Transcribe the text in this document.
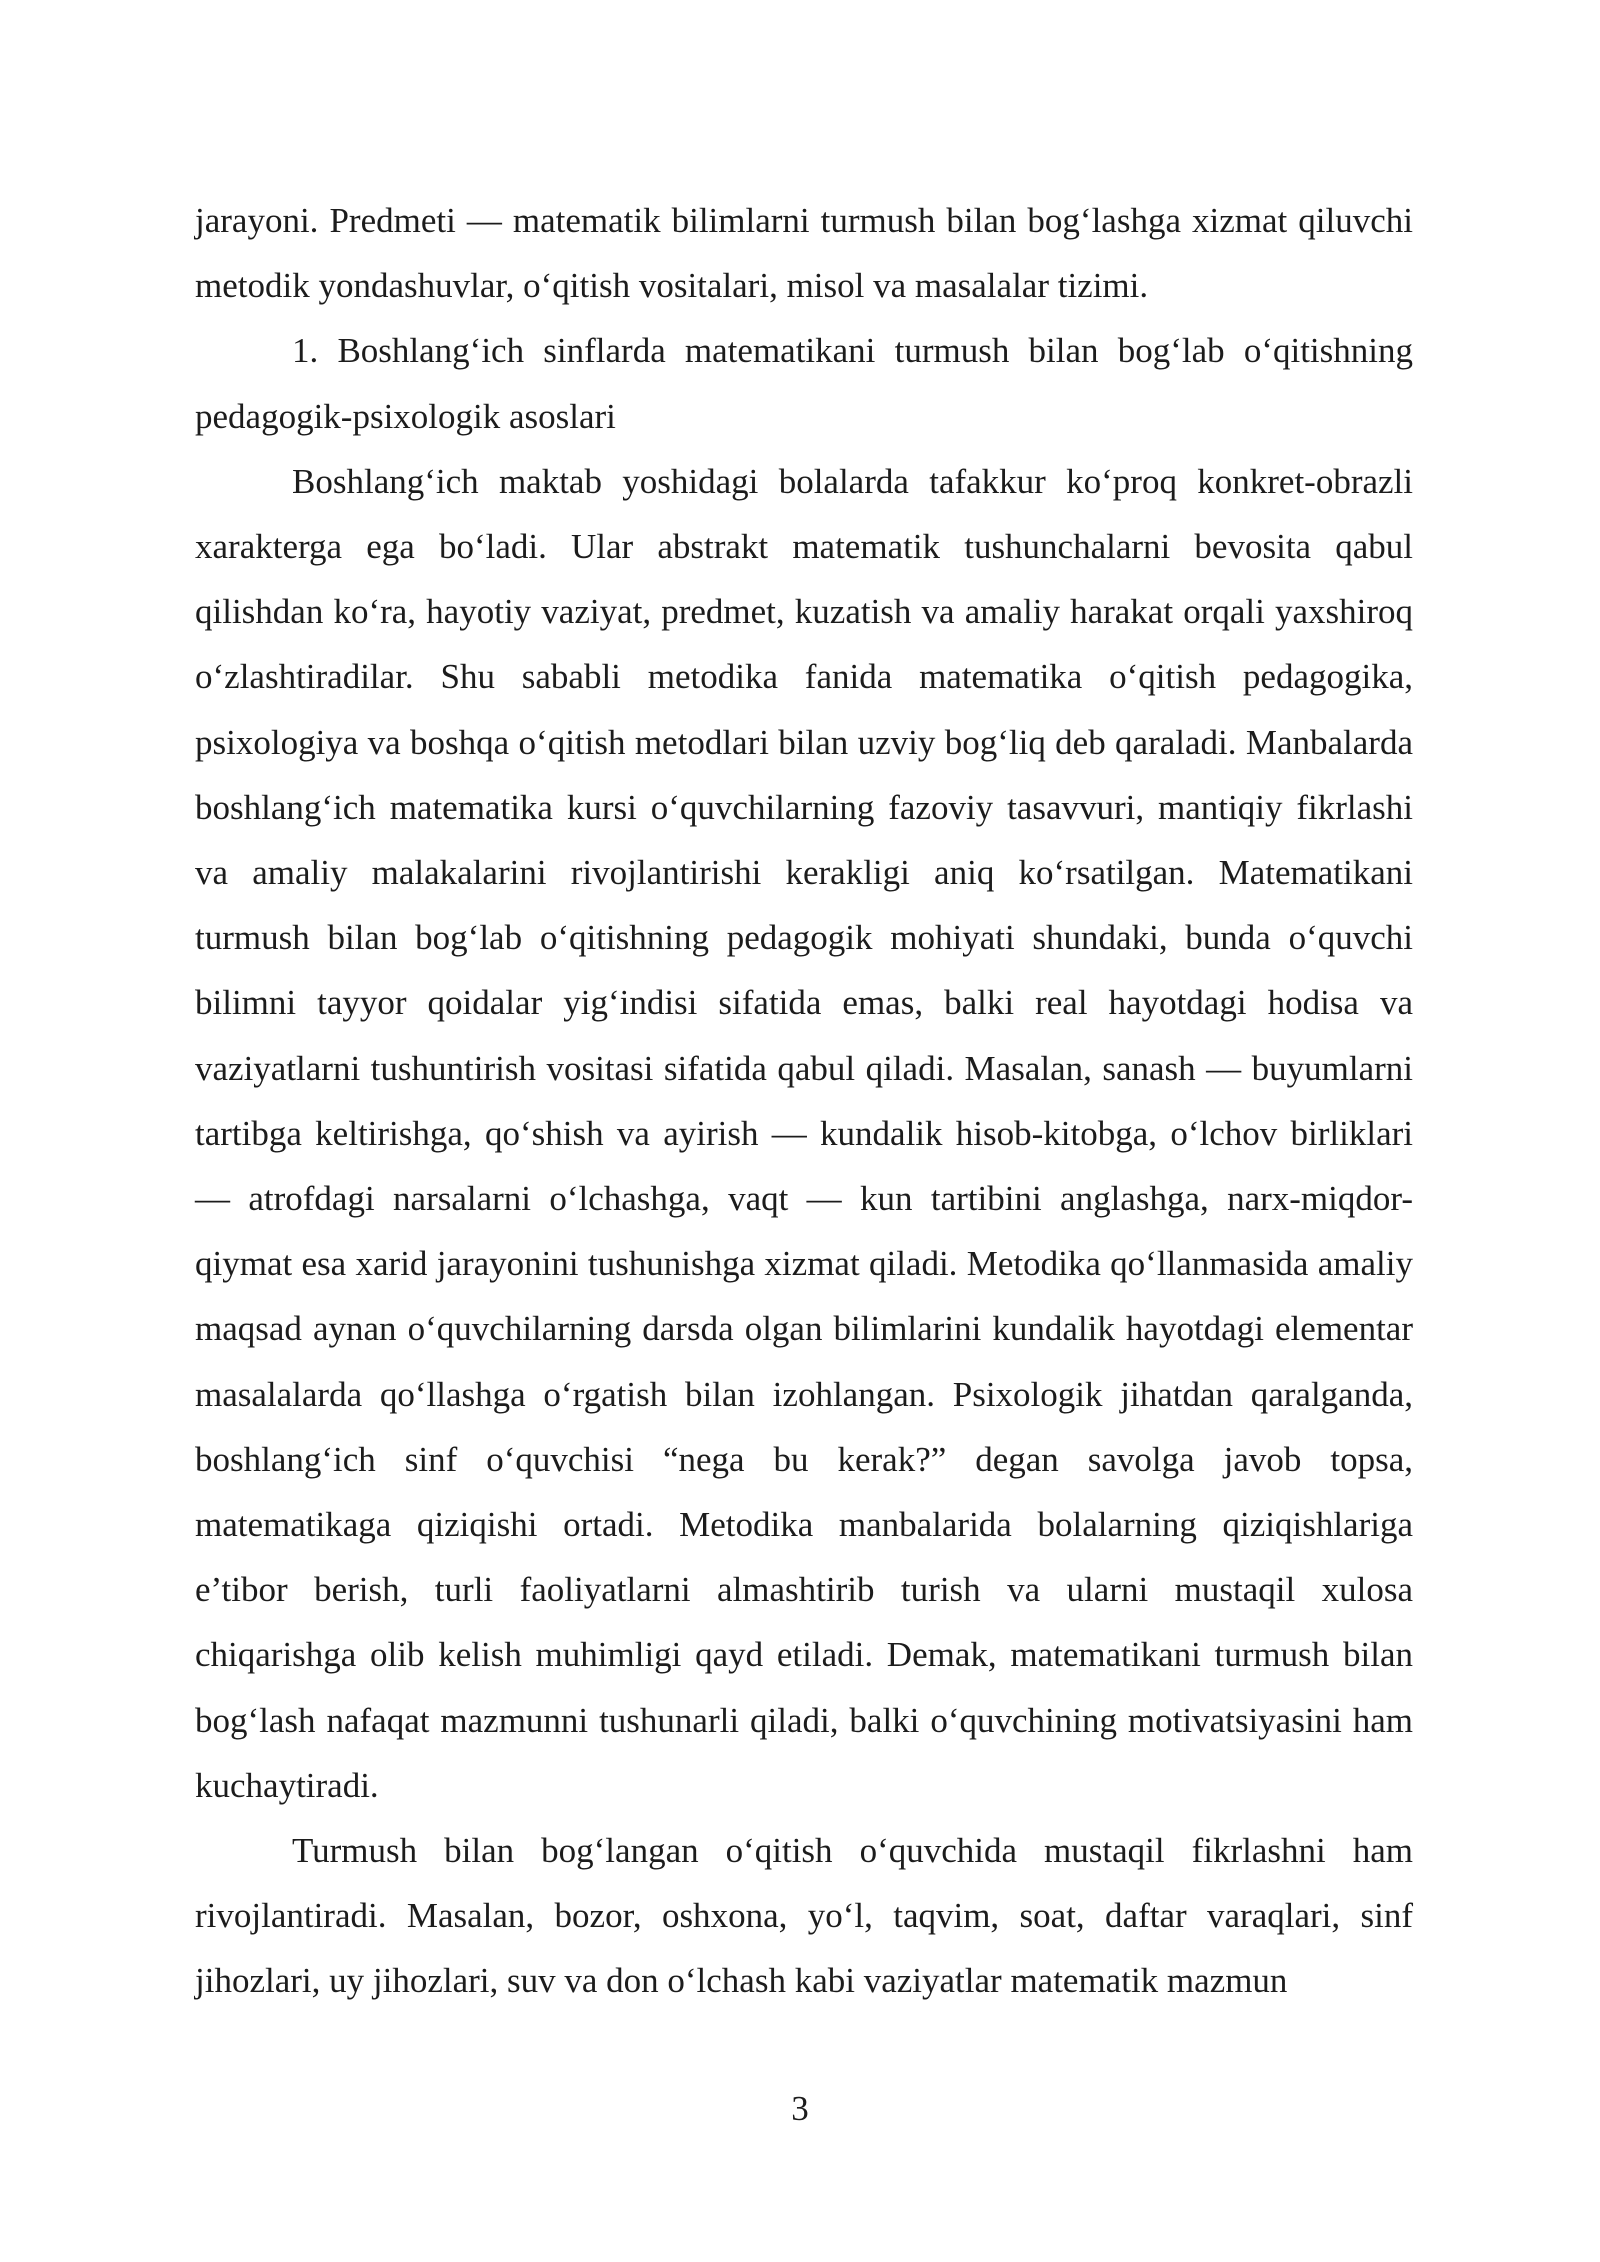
jarayoni. Predmeti — matematik bilimlarni turmush bilan bog‘lashga xizmat qiluvchi metodik yondashuvlar, o‘qitish vositalari, misol va masalalar tizimi.

1. Boshlang‘ich sinflarda matematikani turmush bilan bog‘lab o‘qitishning pedagogik-psixologik asoslari

Boshlang‘ich maktab yoshidagi bolalarda tafakkur ko‘proq konkret-obrazli xarakterga ega bo‘ladi. Ular abstrakt matematik tushunchalarni bevosita qabul qilishdan ko‘ra, hayotiy vaziyat, predmet, kuzatish va amaliy harakat orqali yaxshiroq o‘zlashtiradilar. Shu sababli metodika fanida matematika o‘qitish pedagogika, psixologiya va boshqa o‘qitish metodlari bilan uzviy bog‘liq deb qaraladi. Manbalarda boshlang‘ich matematika kursi o‘quvchilarning fazoviy tasavvuri, mantiqiy fikrlashi va amaliy malakalarini rivojlantirishi kerakligi aniq ko‘rsatilgan. Matematikani turmush bilan bog‘lab o‘qitishning pedagogik mohiyati shundaki, bunda o‘quvchi bilimni tayyor qoidalar yig‘indisi sifatida emas, balki real hayotdagi hodisa va vaziyatlarni tushuntirish vositasi sifatida qabul qiladi. Masalan, sanash — buyumlarni tartibga keltirishga, qo‘shish va ayirish — kundalik hisob-kitobga, o‘lchov birliklari — atrofdagi narsalarni o‘lchashga, vaqt — kun tartibini anglashga, narx-miqdor-qiymat esa xarid jarayonini tushunishga xizmat qiladi. Metodika qo‘llanmasida amaliy maqsad aynan o‘quvchilarning darsda olgan bilimlarini kundalik hayotdagi elementar masalalarda qo‘llashga o‘rgatish bilan izohlangan. Psixologik jihatdan qaralganda, boshlang‘ich sinf o‘quvchisi “nega bu kerak?” degan savolga javob topsa, matematikaga qiziqishi ortadi. Metodika manbalarida bolalarning qiziqishlariga e’tibor berish, turli faoliyatlarni almashtirib turish va ularni mustaqil xulosa chiqarishga olib kelish muhimligi qayd etiladi. Demak, matematikani turmush bilan bog‘lash nafaqat mazmunni tushunarli qiladi, balki o‘quvchining motivatsiyasini ham kuchaytiradi.

Turmush bilan bog‘langan o‘qitish o‘quvchida mustaqil fikrlashni ham rivojlantiradi. Masalan, bozor, oshxona, yo‘l, taqvim, soat, daftar varaqlari, sinf jihozlari, uy jihozlari, suv va don o‘lchash kabi vaziyatlar matematik mazmun

3
